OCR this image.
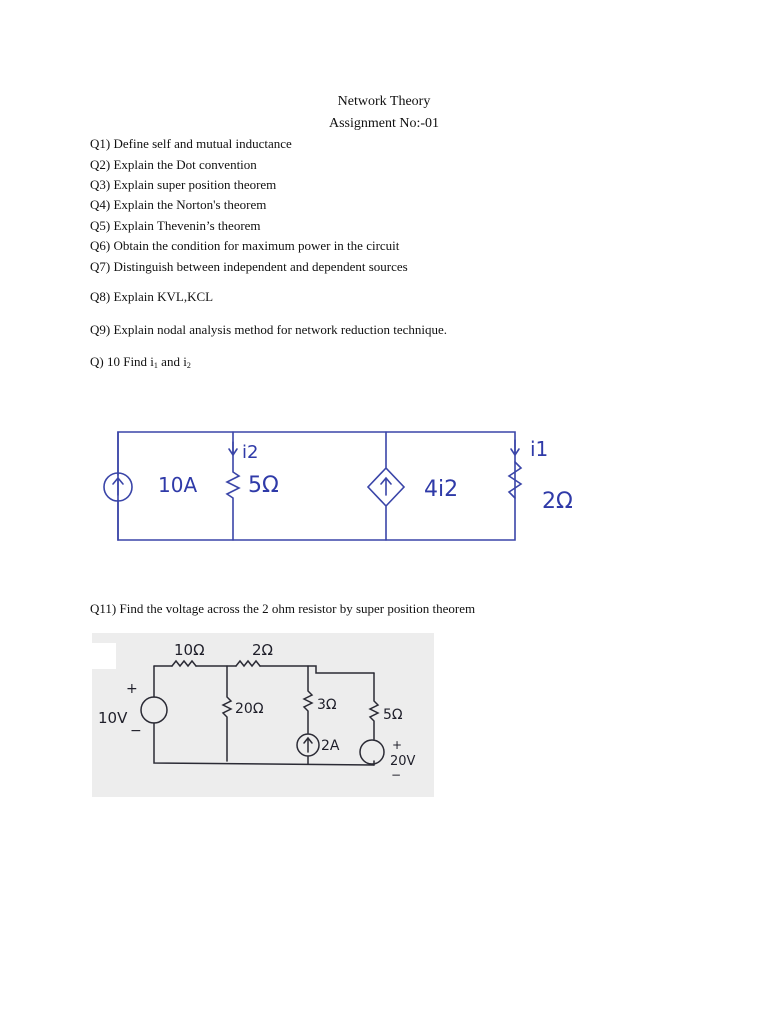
Network Theory
Assignment No:-01
Q1) Define self and mutual inductance
Q2) Explain the Dot convention
Q3) Explain super position theorem
Q4) Explain the Norton's theorem
Q5) Explain Thevenin’s theorem
Q6) Obtain the condition for maximum power in the circuit
Q7) Distinguish between independent and dependent sources
Q8) Explain KVL,KCL
Q9) Explain nodal analysis method for network reduction technique.
Q) 10 Find $i_1$ and $i_2$
10A 5Ω
i2
4i2
i1
2Ω
Q11) Find the voltage across the 2 ohm resistor by super position theorem
10Ω	2Ω
10V
+
−
20Ω	3Ω
2A
5Ω
+
20V
−
